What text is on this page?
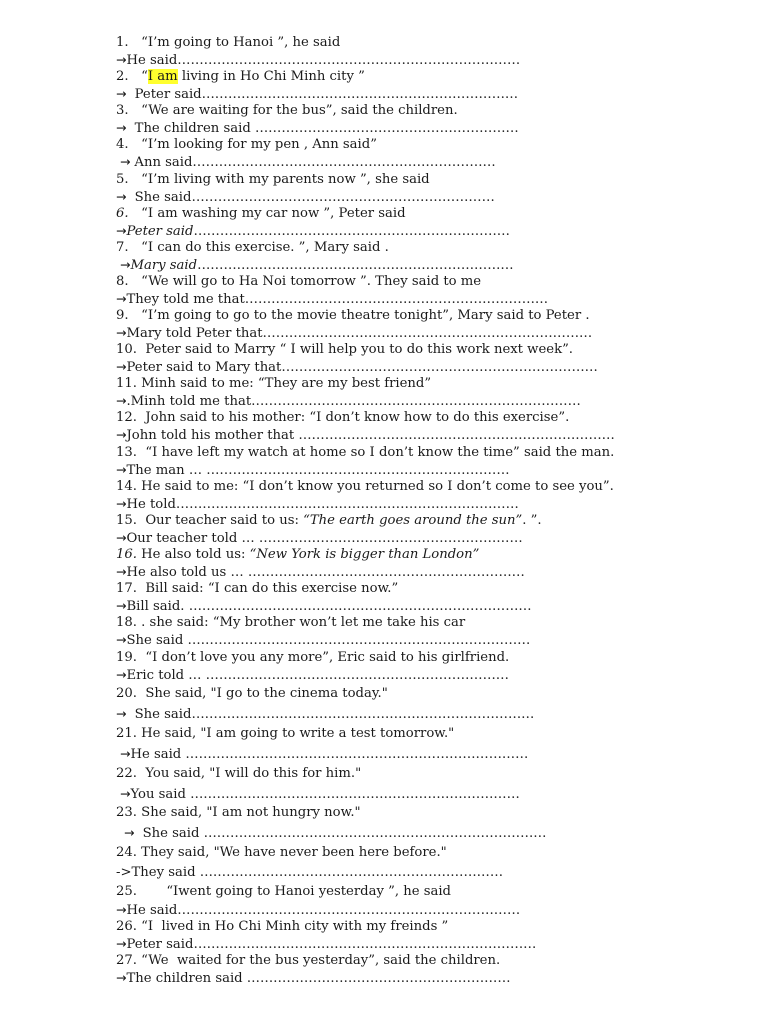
1.   “I’m going to Hanoi ”, he said
→He said……………………………………………………………………
2.   “I am living in Ho Chi Minh city ”
→  Peter said………………………………………………………………
3.   “We are waiting for the bus”, said the children.
→  The children said ……………………………………………………
4.   “I’m looking for my pen , Ann said”
→ Ann said……………………………………………………………
5.   “I’m living with my parents now ”, she said
→  She said……………………………………………………………
6.   “I am washing my car now ”, Peter said
→Peter said………………………………………………………………
7.   “I can do this exercise. ”, Mary said .
→Mary said………………………………………………………………
8.   “We will go to Ha Noi tomorrow ”. They said to me
→They told me that……………………………………………………………
9.   “I’m going to go to the movie theatre tonight”, Mary said to Peter .
→Mary told Peter that…………………………………………………………………
10.  Peter said to Marry “ I will help you to do this work next week”.
→Peter said to Mary that………………………………………………………………
11. Minh said to me: “They are my best friend”
→.Minh told me that…………………………………………………………………
12.  John said to his mother: “I don’t know how to do this exercise”.
→John told his mother that ………………………………………………………………
13.  “I have left my watch at home so I don’t know the time” said the man.
→The man … ……………………………………………………………
14. He said to me: “I don’t know you returned so I don’t come to see you”.
→He told……………………………………………………………………
15.  Our teacher said to us: “The earth goes around the sun”. ”.
→Our teacher told … ……………………………………………………
16. He also told us: “New York is bigger than London”
→He also told us … ………………………………………………………
17.  Bill said: “I can do this exercise now.”
→Bill said. ……………………………………………………………………
18. . she said: “My brother won’t let me take his car
→She said ……………………………………………………………………
19.  “I don’t love you any more”, Eric said to his girlfriend.
→Eric told … ……………………………………………………………
20.  She said, "I go to the cinema today."
→  She said……………………………………………………………………
21. He said, "I am going to write a test tomorrow."
→He said ……………………………………………………………………
22.  You said, "I will do this for him."
→You said …………………………………………………………………
23. She said, "I am not hungry now."
→  She said ……………………………………………………………………
24. They said, "We have never been here before."
->They said ……………………………………………………………
25.       “Iwent going to Hanoi yesterday ”, he said
→He said……………………………………………………………………
26. “I  lived in Ho Chi Minh city with my freinds ”
→Peter said……………………………………………………………………
27. “We  waited for the bus yesterday”, said the children.
→The children said ……………………………………………………
